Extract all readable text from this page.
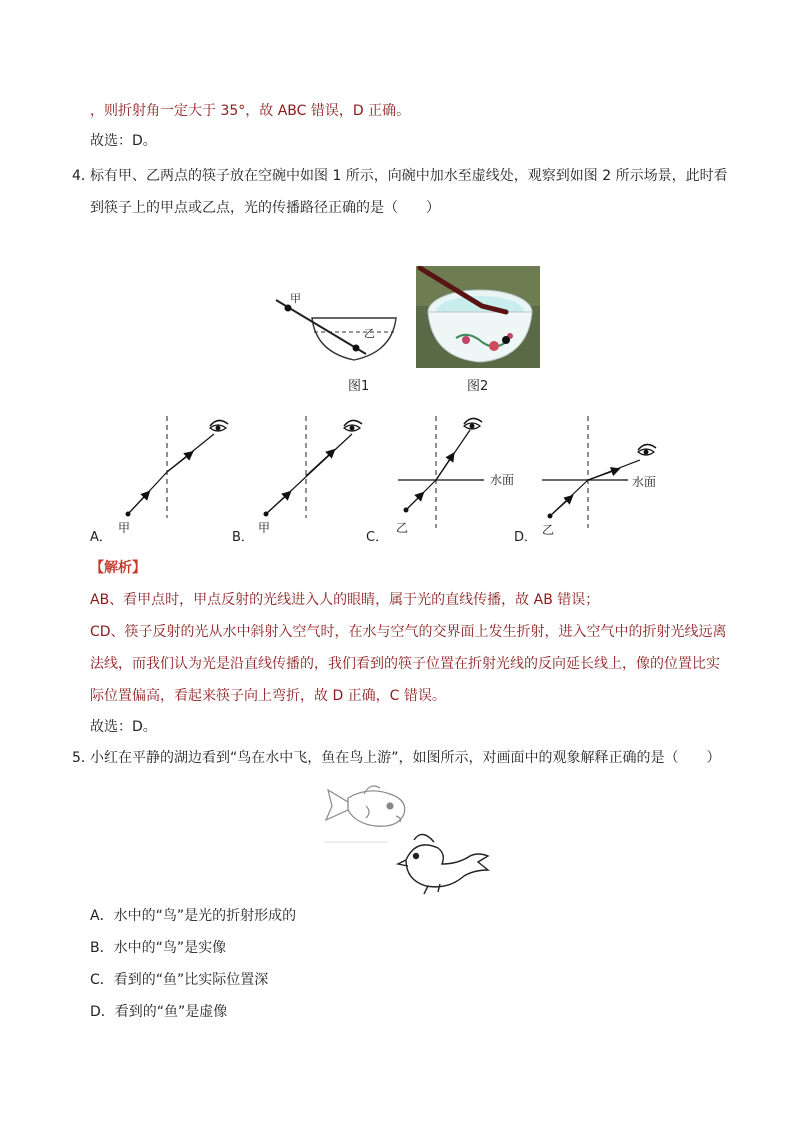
，则折射角一定大于 35°，故 ABC 错误，D 正确。
故选：D。
4．
标有甲、乙两点的筷子放在空碗中如图 1 所示，向碗中加水至虚线处，观察到如图 2 所示场景，此时看
到筷子上的甲点或乙点，光的传播路径正确的是（　　）
甲
乙
图1	图2
甲	甲
水面
乙
水面
乙
A．	B．	C．	D．
【解析】
AB、看甲点时，甲点反射的光线进入人的眼睛，属于光的直线传播，故 AB 错误；
CD、筷子反射的光从水中斜射入空气时，在水与空气的交界面上发生折射，进入空气中的折射光线远离
法线，而我们认为光是沿直线传播的，我们看到的筷子位置在折射光线的反向延长线上，像的位置比实
际位置偏高，看起来筷子向上弯折，故 D 正确，C 错误。
故选：D。
5．
小红在平静的湖边看到“鸟在水中飞，鱼在鸟上游”，如图所示，对画面中的观象解释正确的是（　　）
A．水中的“鸟”是光的折射形成的
B．水中的“鸟”是实像
C．看到的“鱼”比实际位置深
D．看到的“鱼”是虚像
